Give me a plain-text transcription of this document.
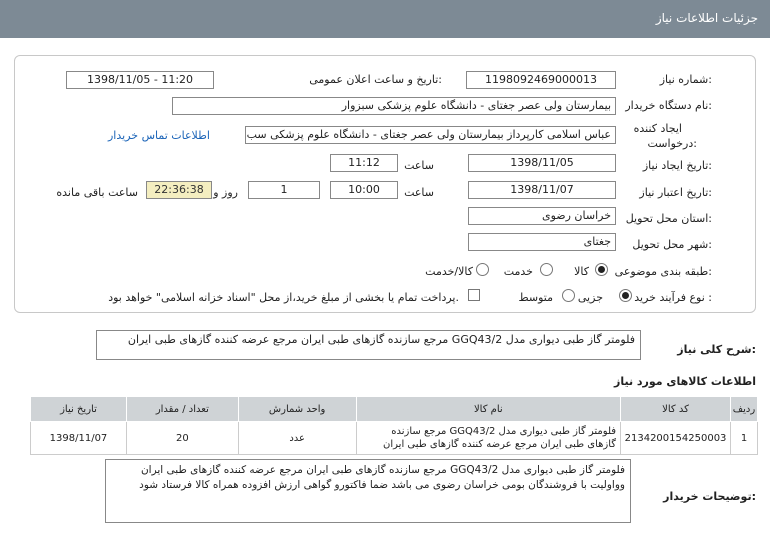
جزئیات اطلاعات نیاز
شماره نیاز:
1198092469000013
تاریخ و ساعت اعلان عمومی:
1398/11/05 - 11:20
نام دستگاه خریدار:
بیمارستان ولی عصر جغتای - دانشگاه علوم پزشکی سبزوار
ایجاد کننده
درخواست:
عباس اسلامی کارپرداز بیمارستان ولی عصر جغتای - دانشگاه علوم پزشکی سب
اطلاعات تماس خریدار
تاریخ ایجاد نیاز:
1398/11/05
ساعت
11:12
تاریخ اعتبار نیاز:
1398/11/07
ساعت
10:00
1
روز و
22:36:38
ساعت باقی مانده
استان محل تحویل:
خراسان رضوی
شهر محل تحویل:
جغتای
طبقه بندی موضوعی:
کالا
خدمت
کالا/خدمت
نوع فرآیند خرید :
جزیی
متوسط
پرداخت تمام یا بخشی از مبلغ خرید،از محل "اسناد خزانه اسلامی" خواهد بود.
شرح کلی نیاز:
فلومتر گاز طبی دیواری مدل GGQ43/2 مرجع سازنده گازهای طبی ایران مرجع عرضه کننده گازهای طبی ایران
اطلاعات کالاهای مورد نیاز
ردیف	کد کالا	نام کالا	واحد شمارش	تعداد / مقدار	تاریخ نیاز
1	2134200154250003	فلومتر گاز طبی دیواری مدل GGQ43/2 مرجع سازنده گازهای طبی ایران مرجع عرضه کننده گازهای طبی ایران	عدد	20	1398/11/07
توضیحات خریدار:
فلومتر گاز طبی دیواری مدل GGQ43/2 مرجع سازنده گازهای طبی ایران مرجع عرضه کننده گازهای طبی ایران وواولیت با فروشندگان بومی خراسان رضوی می باشد ضما فاکتورو گواهی ارزش افزوده همراه کالا فرستاد شود
